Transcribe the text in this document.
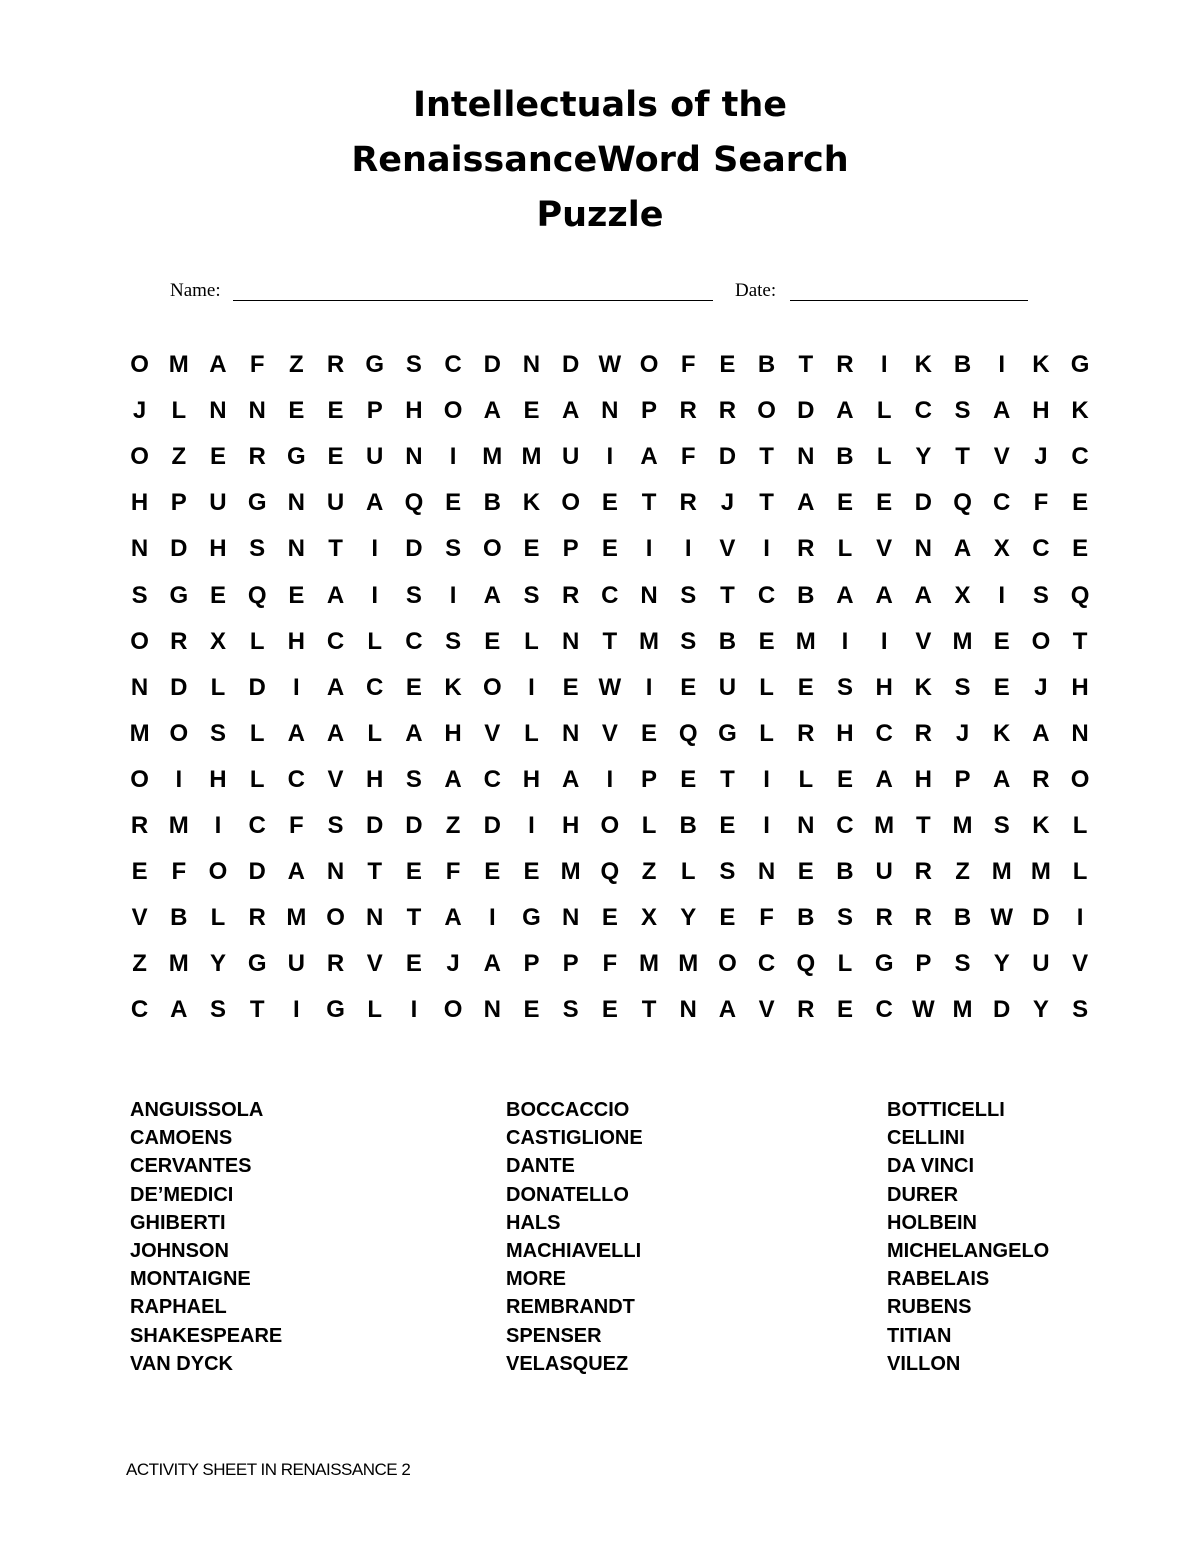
Intellectuals of the
RenaissanceWord Search
Puzzle
Name:	Date:
O M A F	Z R G S C D N D W O F E B T R	I	K B	I	K G
J	L N N E E P H O A E A N P R R O D A L C S A H K
O Z E R G E U N	I	M M U	I	A F D T N B L Y T V	J C
H P U G N U A Q E B K O E T R J	T A E E D Q C F E
N D H S N T	I	D S O E P E	I	I	V	I	R L V N A X C E
S G E Q E A	I	S	I	A S R C N S T C B A A A X	I	S Q
O R X L H C L C S E L N T M S B E M	I	I	V M E O T
N D L D	I	A C E K O	I	E W	I	E U L E S H K S E	J H
M O S L A A L A H V L N V E Q G L R H C R J K A N
O	I	H L C V H S A C H A	I	P E T	I	L E A H P A R O
R M	I	C F S D D Z D	I	H O L B E	I	N C M T M S K L
E F O D A N T E F E E M Q Z	L S N E B U R Z M M L
V B L R M O N T A	I	G N E X Y E F B S R R B W D	I
Z M Y G U R V E	J A P P F M M O C Q L G P S Y U V
C A S T	I	G L	I	O N E S E T N A V R E C W M D Y S
ANGUISSOLA
CAMOENS
CERVANTES
DE’MEDICI
GHIBERTI
JOHNSON
MONTAIGNE
RAPHAEL
SHAKESPEARE
VAN DYCK
BOCCACCIO
CASTIGLIONE
DANTE
DONATELLO
HALS
MACHIAVELLI
MORE
REMBRANDT
SPENSER
VELASQUEZ
BOTTICELLI
CELLINI
DA VINCI
DURER
HOLBEIN
MICHELANGELO
RABELAIS
RUBENS
TITIAN
VILLON
ACTIVITY SHEET IN RENAISSANCE 2
